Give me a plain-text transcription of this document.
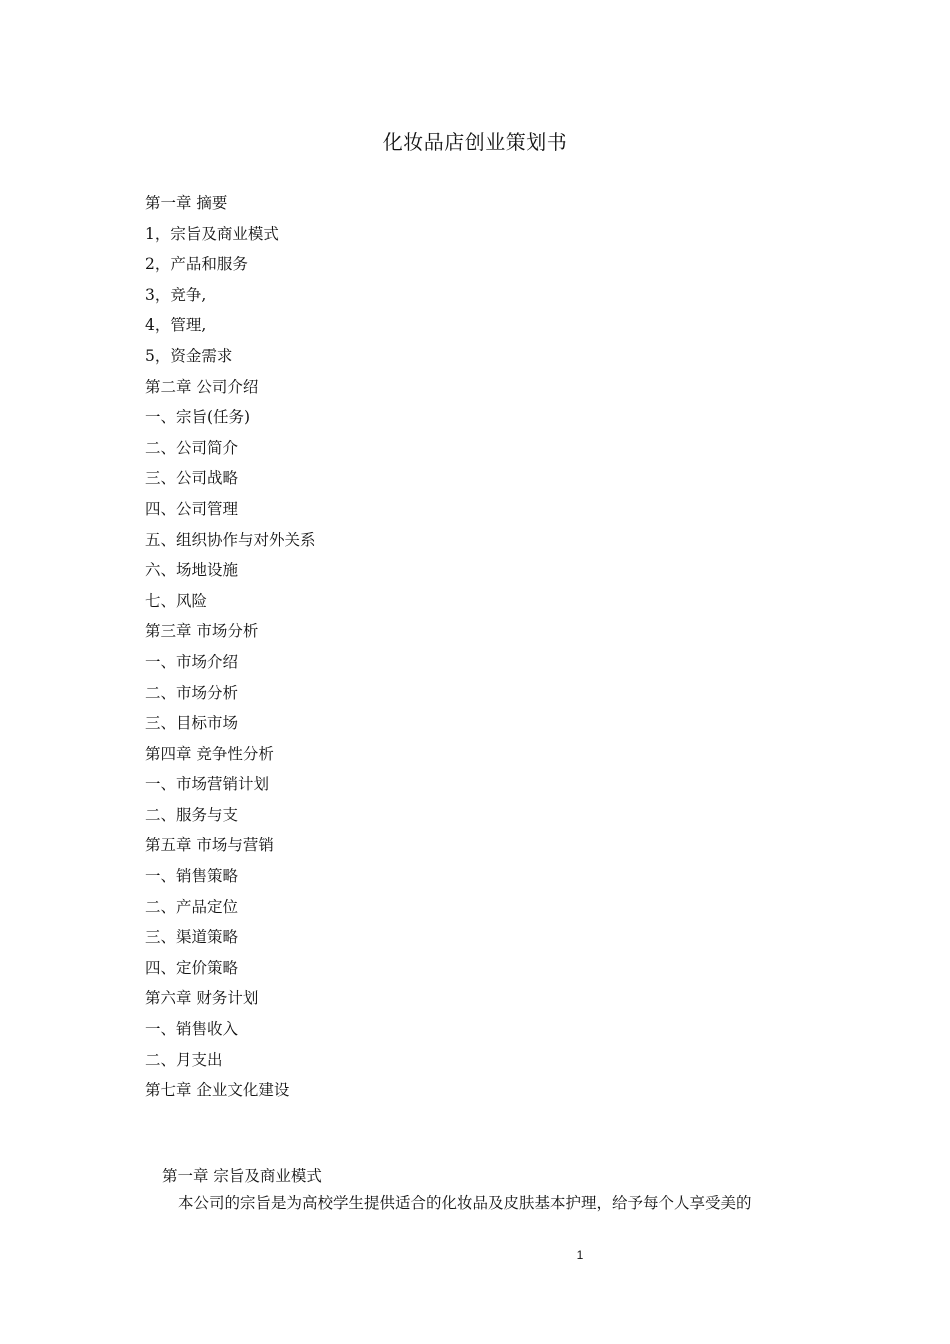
化妆品店创业策划书
第一章 摘要
1，宗旨及商业模式
2，产品和服务
3，竞争,
4，管理,
5，资金需求
第二章 公司介绍
一、宗旨(任务)
二、公司简介
三、公司战略
四、公司管理
五、组织协作与对外关系
六、场地设施
七、风险
第三章 市场分析
一、市场介绍
二、市场分析
三、目标市场
第四章 竞争性分析
一、市场营销计划
二、服务与支
第五章 市场与营销
一、销售策略
二、产品定位
三、渠道策略
四、定价策略
第六章 财务计划
一、销售收入
二、月支出
第七章 企业文化建设
第一章 宗旨及商业模式
本公司的宗旨是为高校学生提供适合的化妆品及皮肤基本护理，给予每个人享受美的
1
